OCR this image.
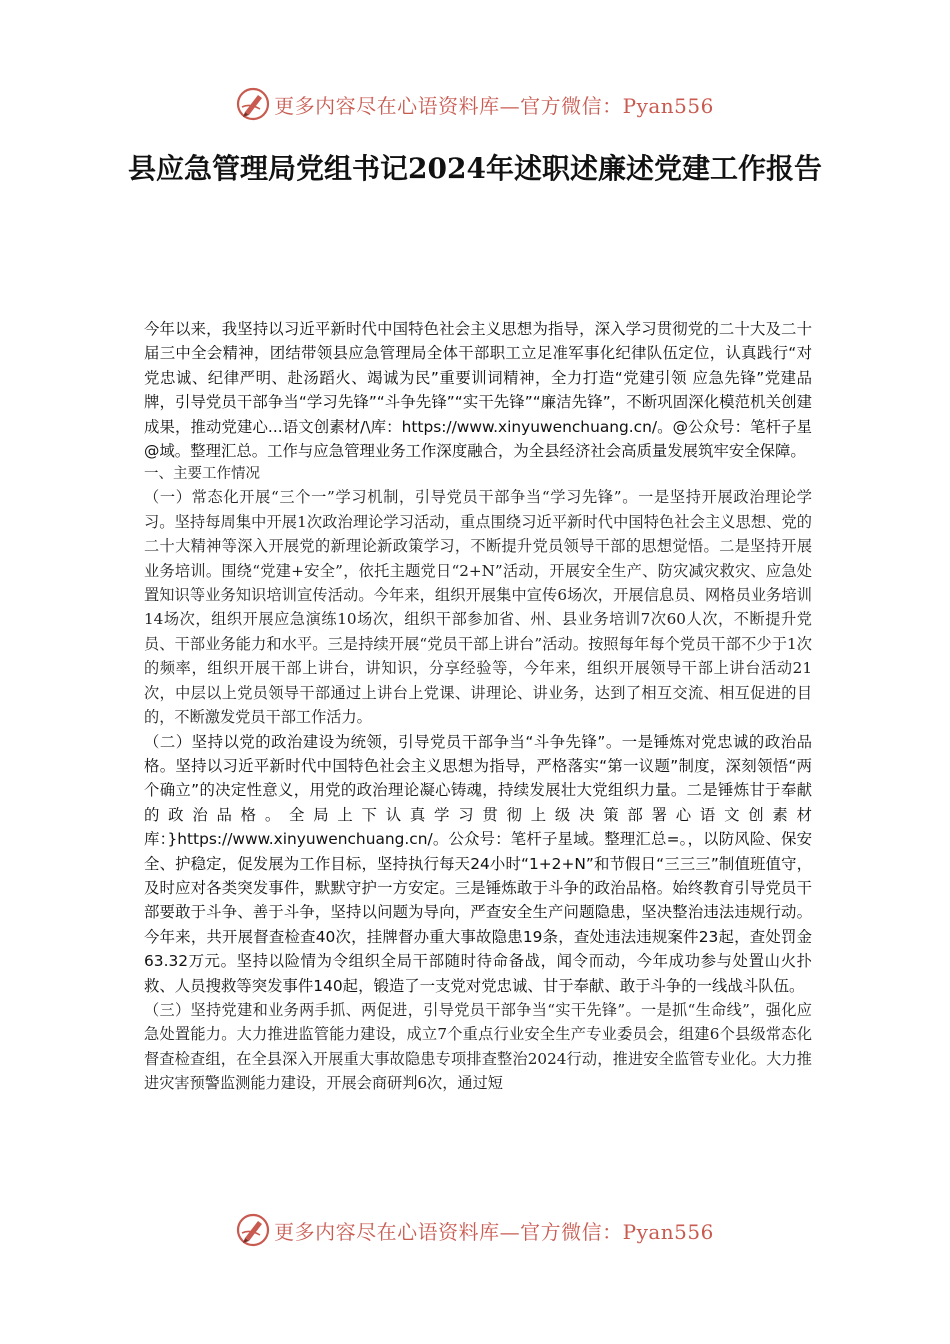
更多内容尽在心语资料库—官方微信：Pyan556
县应急管理局党组书记2024年述职述廉述党建工作报告

今年以来，我坚持以习近平新时代中国特色社会主义思想为指导，深入学习贯彻党的二十大及二十届三中全会精神，团结带领县应急管理局全体干部职工立足准军事化纪律队伍定位，认真践行“对党忠诚、纪律严明、赴汤蹈火、竭诚为民”重要训词精神，全力打造“党建引领 应急先锋”党建品牌，引导党员干部争当“学习先锋”“斗争先锋”“实干先锋”“廉洁先锋”，不断巩固深化模范机关创建成果，推动党建心...语文创素材/\库：https://www.xinyuwenchuang.cn/。@公众号：笔杆子星@域。整理汇总。工作与应急管理业务工作深度融合，为全县经济社会高质量发展筑牢安全保障。

一、主要工作情况

（一）常态化开展“三个一”学习机制，引导党员干部争当“学习先锋”。一是坚持开展政治理论学习。坚持每周集中开展1次政治理论学习活动，重点围绕习近平新时代中国特色社会主义思想、党的二十大精神等深入开展党的新理论新政策学习，不断提升党员领导干部的思想觉悟。二是坚持开展业务培训。围绕“党建+安全”，依托主题党日“2+N”活动，开展安全生产、防灾减灾救灾、应急处置知识等业务知识培训宣传活动。今年来，组织开展集中宣传6场次，开展信息员、网格员业务培训14场次，组织开展应急演练10场次，组织干部参加省、州、县业务培训7次60人次，不断提升党员、干部业务能力和水平。三是持续开展“党员干部上讲台”活动。按照每年每个党员干部不少于1次的频率，组织开展干部上讲台，讲知识，分享经验等，今年来，组织开展领导干部上讲台活动21次，中层以上党员领导干部通过上讲台上党课、讲理论、讲业务，达到了相互交流、相互促进的目的，不断激发党员干部工作活力。

（二）坚持以党的政治建设为统领，引导党员干部争当“斗争先锋”。一是锤炼对党忠诚的政治品格。坚持以习近平新时代中国特色社会主义思想为指导，严格落实“第一议题”制度，深刻领悟“两个确立”的决定性意义，用党的政治理论凝心铸魂，持续发展壮大党组织力量。二是锤炼甘于奉献的政治品格。全局上下认真学习贯彻上级决策部署心语文创素材库：}https://www.xinyuwenchuang.cn/。公众号：笔杆子星域。整理汇总=。，以防风险、保安全、护稳定，促发展为工作目标，坚持执行每天24小时“1+2+N”和节假日“三三三”制值班值守，及时应对各类突发事件，默默守护一方安定。三是锤炼敢于斗争的政治品格。始终教育引导党员干部要敢于斗争、善于斗争，坚持以问题为导向，严查安全生产问题隐患，坚决整治违法违规行动。今年来，共开展督查检查40次，挂牌督办重大事故隐患19条，查处违法违规案件23起，查处罚金63.32万元。坚持以险情为令组织全局干部随时待命备战，闻令而动，今年成功参与处置山火扑救、人员搜救等突发事件140起，锻造了一支党对党忠诚、甘于奉献、敢于斗争的一线战斗队伍。

（三）坚持党建和业务两手抓、两促进，引导党员干部争当“实干先锋”。一是抓“生命线”，强化应急处置能力。大力推进监管能力建设，成立7个重点行业安全生产专业委员会，组建6个县级常态化督查检查组，在全县深入开展重大事故隐患专项排查整治2024行动，推进安全监管专业化。大力推进灾害预警监测能力建设，开展会商研判6次，通过短

更多内容尽在心语资料库—官方微信：Pyan556
